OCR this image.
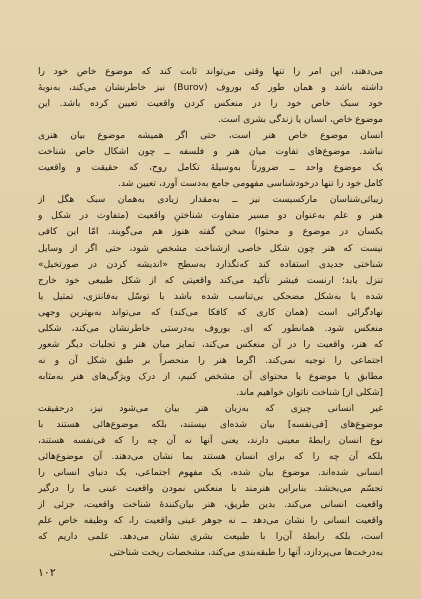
می‌دهند، این امر را تنها وقتی می‌تواند ثابت کند که موضوع خاص خود را
داشته باشد و همان طور که بوروف (Burov) نیز خاطرنشان می‌کند، به‌نوبهٔ
خود سبک خاص خود را در منعکس کردن واقعیت تعیین کرده باشد. این
موضوع خاص، انسان یا زندگی بشری است.
انسان موضوع خاص هنر است، حتی اگر همیشه موضوع بیان هنری
نباشد. موضوع‌های تفاوت میان هنر و فلسفه ــ چون اشکال خاص شناخت
یک موضوع واحد ــ ضرورتاً به‌وسیلهٔ تکامل روح، که حقیقت و واقعیت
کامل خود را تنها درخودشناسی مفهومی جامع به‌دست آورد، تعیین شد.
زیبائی‌شناسان مارکسیست نیز ــ به‌مقدار زیادی به‌همان سبک هگل از
هنر و علم به‌عنوان دو مسیر متفاوت شناختنِ واقعیت (متفاوت در شکل و
یکسان در موضوع و محتوا) سخن گفته هنوز هم می‌گویند. امّا این کافی
نیست که هنر چون شکل خاصی ازشناخت مشخص شود، حتی اگر از وسایل
شناختی جدیدی استفاده کند که‌تگذارد به‌سطح «اندیشه کردن در صورتخیل»
تنزل یابد؛ ارنست فیشر تأکید می‌کند واقعیتی که از شکل طبیعی خود خارج
شده یا به‌شکل مضحکی بی‌تناسب شده باشد با توسّل به‌فانتزی، تمثیل یا
نهاد‌گرائی است (همان کاری که کافکا می‌کند) که می‌تواند به‌بهترین وجهی
منعکس شود. همانطور که ای. بوروف به‌درستی خاطرنشان می‌کند، شکلی
که هنر، واقعیت را در آن منعکس می‌کند، تمایز میان هنر و تجلیات دیگر شعور
اجتماعی را توجیه نمی‌کند. اگرما هنر را منحصراً بر طبق شکل آن و نه
مطابق با موضوع یا محتوای آن مشخص کنیم، از درک ویژگی‌های هنر به‌مثابه
[شکلی از] شناخت ناتوان خواهیم ماند.
غیر انسانی چیزی که به‌زبان هنر بیان می‌شود نیز، درحقیقت
موضوع‌های [فی‌نفسه] بیان شده‌ای نیستند، بلکه موضوع‌هائی هستند با
نوع انسان رابطهٔ معینی دارند، یعنی آنها نه آن چه را که فی‌نفسه هستند،
بلکه آن چه را که برای انسان هستند بما نشان می‌دهند. آن موضوع‌هائی
انسانی شده‌اند. موضوع بیان شده، یک مفهوم اجتماعی، یک دنیای انسانی را
تجسّم می‌بخشد. بنابراین هنرمند با منعکس نمودن واقعیت عینی ما را درگیر
واقعیت انسانی می‌کند. بدین طریق، هنر بیان‌کنندهٔ شناخت واقعیت، جزئی از
واقعیت انسانی را نشان می‌دهد ــ نه جوهر عینی واقعیت را، که وظیفه خاص علم
است، بلکه رابطهٔ آن‌را با طبیعت بشری نشان می‌دهد. علمی داریم که
به‌درخت‌ها می‌پردازد، آنها را طبقه‌بندی می‌کند، مشخصات ریخت شناختی
۱۰۲
